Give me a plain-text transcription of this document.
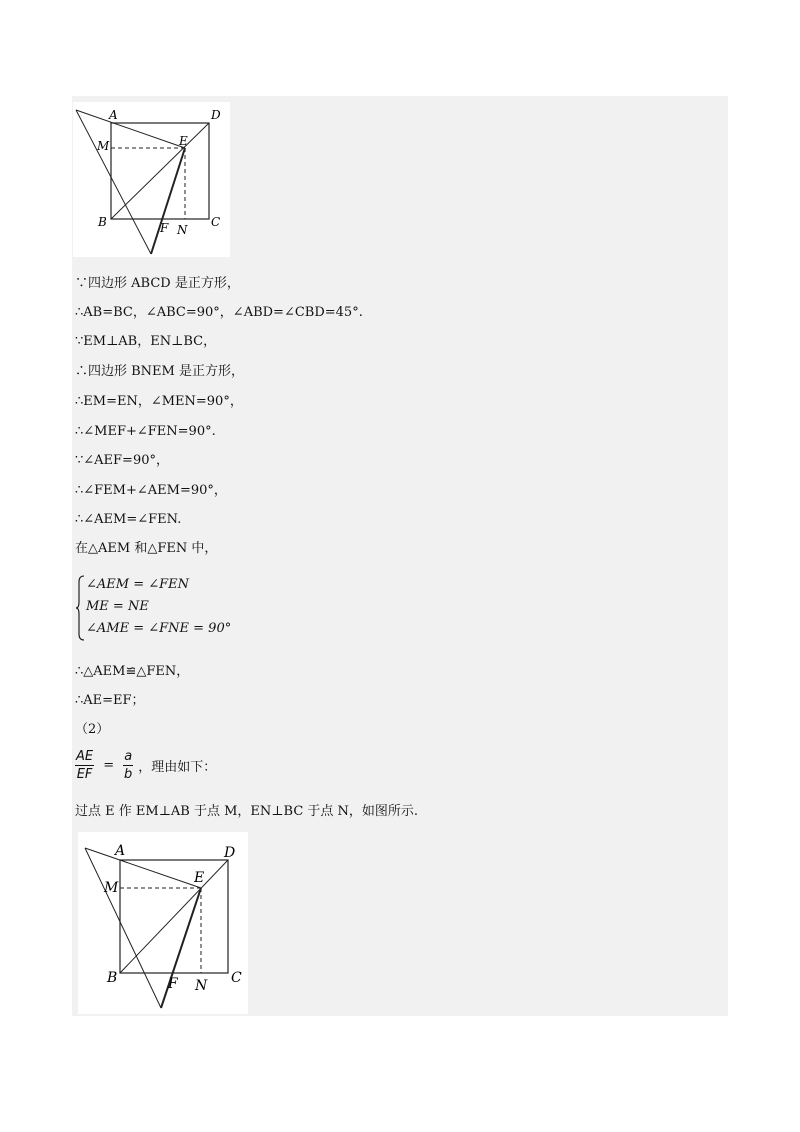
A	D
M	E
B	F N
C
∵四边形 ABCD 是正方形，
∴AB=BC，∠ABC=90°，∠ABD=∠CBD=45°.
∵EM⊥AB，EN⊥BC，
∴四边形 BNEM 是正方形，
∴EM=EN，∠MEN=90°，
∴∠MEF+∠FEN=90°.
∵∠AEF=90°，
∴∠FEM+∠AEM=90°，
∴∠AEM=∠FEN.
在△AEM 和△FEN 中，
∠AEM = ∠FEN
ME = NE
∠AME = ∠FNE = 90°
∴△AEM≌△FEN，
∴AE=EF；
（2）
$\frac{AE}{EF} = \frac{a}{b}$ ，理由如下：
过点 E 作 EM⊥AB 于点 M，EN⊥BC 于点 N，如图所示.
A	D
M
E
B	F N C
